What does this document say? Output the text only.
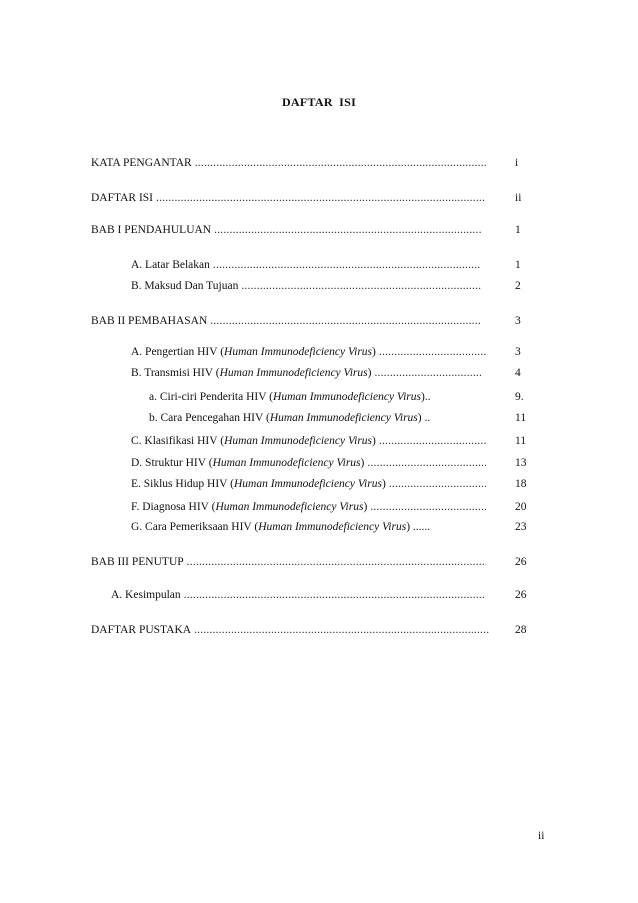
DAFTAR ISI
KATA PENGANTAR .....	i
DAFTAR ISI .....	ii
BAB I PENDAHULUAN .....	1
A. Latar Belakan .....	1
B. Maksud Dan Tujuan .....	2
BAB II PEMBAHASAN .....	3
A. Pengertian HIV (Human Immunodeficiency Virus) .....	3
B. Transmisi HIV (Human Immunodeficiency Virus) .....	4
a. Ciri-ciri Penderita HIV (Human Immunodeficiency Virus)..	9.
b. Cara Pencegahan HIV (Human Immunodeficiency Virus) ..	11
C. Klasifikasi HIV (Human Immunodeficiency Virus) .....	11
D. Struktur HIV (Human Immunodeficiency Virus) .....	13
E. Siklus Hidup HIV (Human Immunodeficiency Virus) .....	18
F. Diagnosa HIV (Human Immunodeficiency Virus) .....	20
G. Cara Pemeriksaan HIV (Human Immunodeficiency Virus) ......	23
BAB III PENUTUP .....	26
A. Kesimpulan .....	26
DAFTAR PUSTAKA .....	28
ii
